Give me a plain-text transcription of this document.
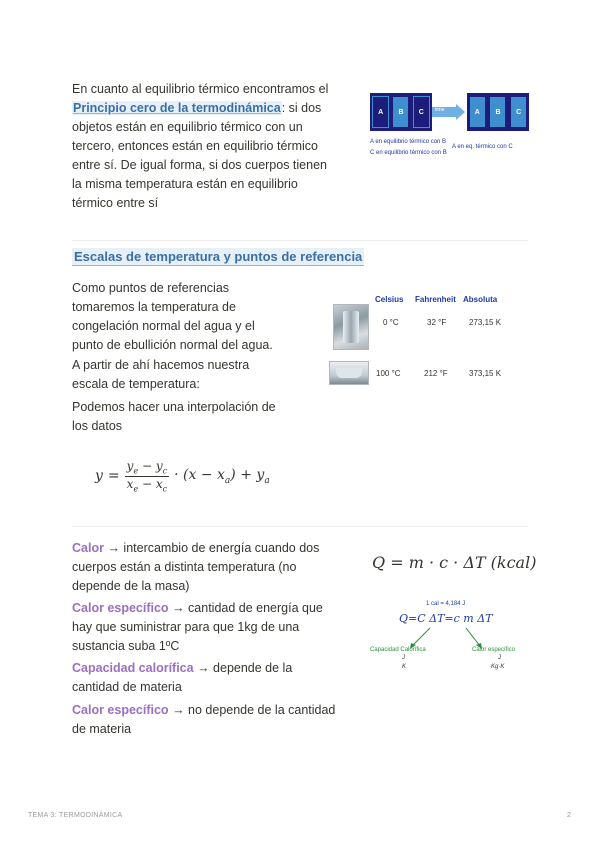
En cuanto al equilibrio térmico encontramos el
Principio cero de la termodinámica: si dos
objetos están en equilibrio térmico con un
tercero, entonces están en equilibrio térmico
entre sí. De igual forma, si dos cuerpos tienen
la misma temperatura están en equilibrio
térmico entre sí
A	B	C	time	A	B	C
A en equilibrio térmico con B
A en eq. térmico con C
C en equilibrio térmico con B
Escalas de temperatura y puntos de referencia
Como puntos de referencias
tomaremos la temperatura de
congelación normal del agua y el
punto de ebullición normal del agua.
A partir de ahí hacemos nuestra
escala de temperatura:
Podemos hacer una interpolación de
los datos
Celsius Fahrenheit Absoluta
0 °C	32 °F	273,15 K
100 °C	212 °F	373,15 K
y =
$y_e - y_c$
$x_e - x_c$
· $(x - x_a) + y_a$
Calor → intercambio de energía cuando dos
cuerpos están a distinta temperatura (no
depende de la masa)
Calor específico → cantidad de energía que
hay que suministrar para que 1kg de una
sustancia suba 1ºC
Capacidad calorífica → depende de la
cantidad de materia
Calor específico → no depende de la cantidad
de materia
Q = m · c · ΔT (kcal)
1 cal = 4,184 J
Q=C ΔT=c m ΔT
Capacidad Calorífica
J
K
Calor específico
J
Kg·K
TEMA 3: TERMODINÁMICA	2
